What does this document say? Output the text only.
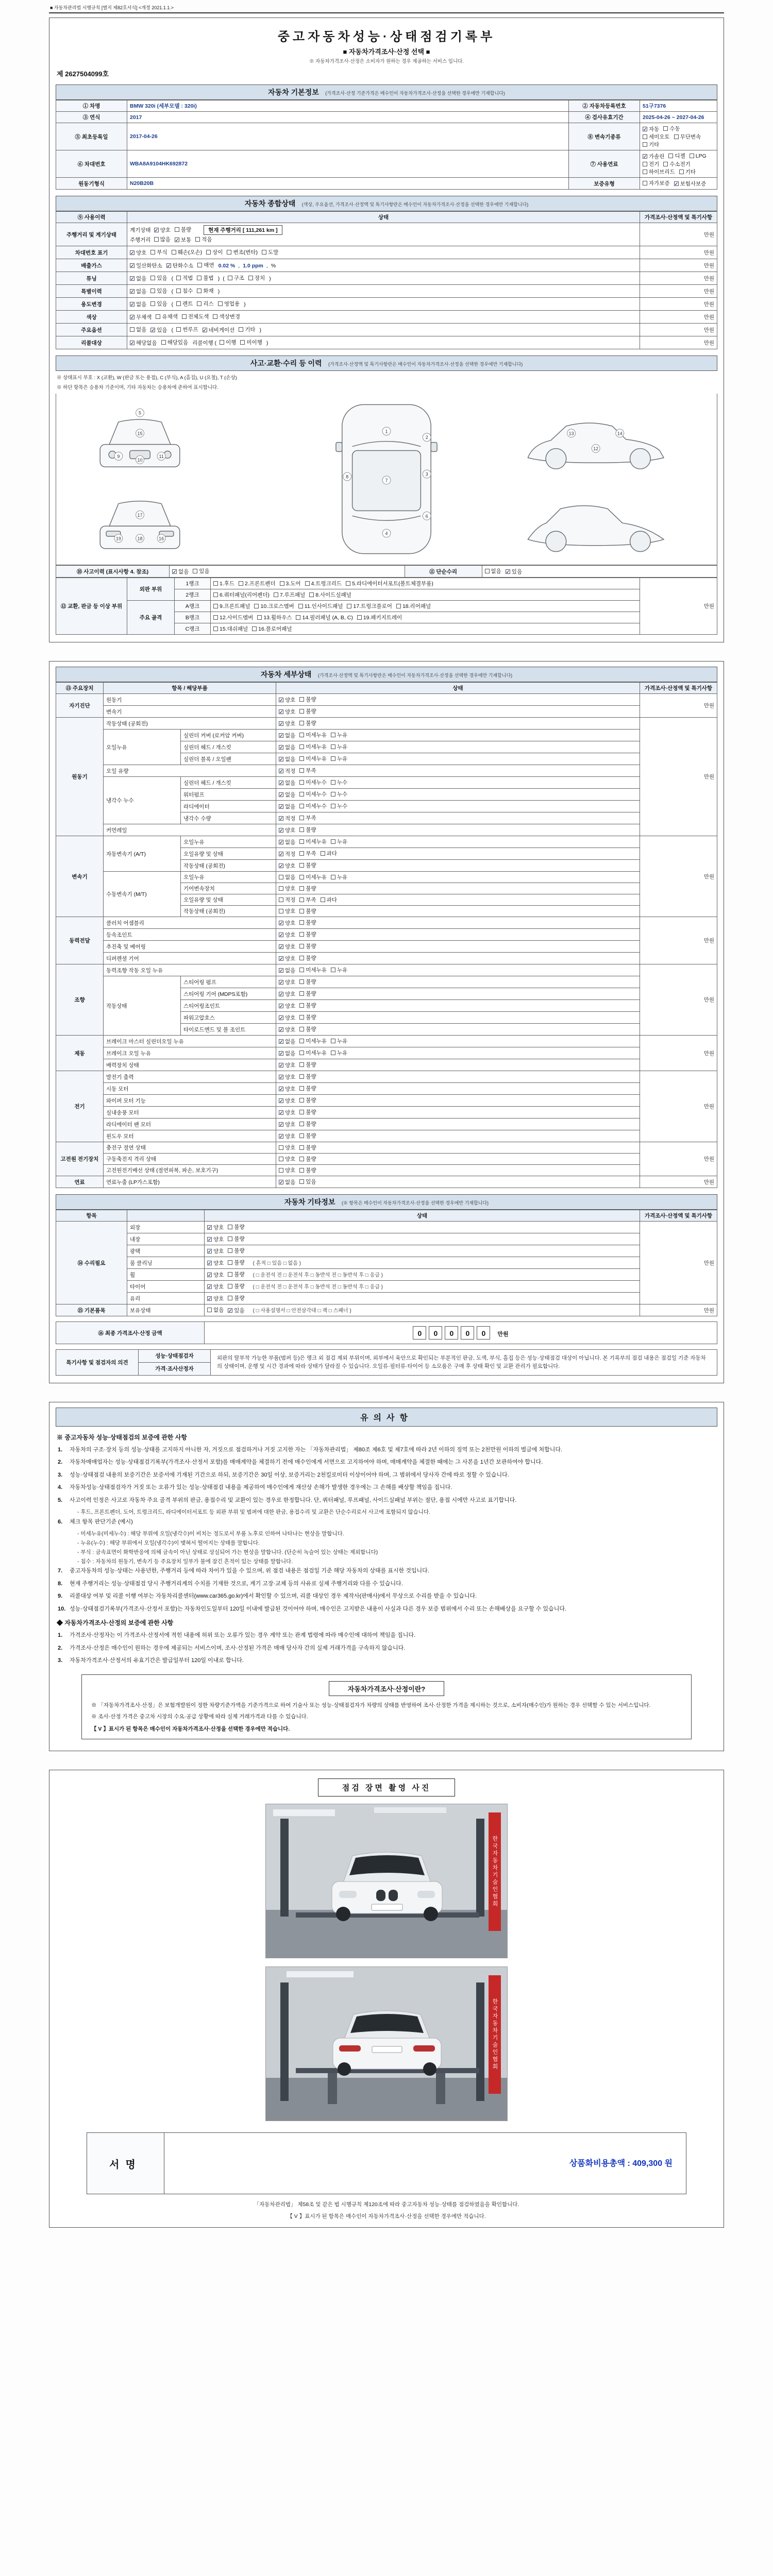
■ 자동차관리법 시행규칙 [별지 제82호서식] <개정 2021.1.1.>
중고자동차성능·상태점검기록부
■ 자동차가격조사·산정 선택 ■
※ 자동차가격조사·산정은 소비자가 원하는 경우 제공하는 서비스 입니다.
제 2627504099호
자동차 기본정보 (가격조사·산정 기준가격은 매수인이 자동차가격조사·산정을 선택한 경우에만 기재합니다)
① 차명	BMW 320i (세부모델 : 320i)	② 자동차등록번호	51구7376
③ 연식	2017	④ 검사유효기간	2025-04-26 ~ 2027-04-26
⑤ 최초등록일	2017-04-26	⑧ 변속기종류	
✓ 자동 수동
세미오토 무단변속
기타

⑥ 차대번호	WBA8A9104HK692872	⑦ 사용연료	
✓ 가솔린 디젤 LPG
전기 수소전기
하이브리드 기타

원동기형식	N20B20B	보증유형	자가보증 ✓ 보험사보증
자동차 종합상태 (색상, 주요옵션, 가격조사·산정액 및 특기사항란은 매수인이 자동차가격조사·산정을 선택한 경우에만 기재합니다)
⑨ 사용이력	상태	가격조사·산정액 및 특기사항
주행거리 및 계기상태	
계기상태 ✓ 양호 불량	현재 주행거리 [ 111,261 km ]
주행거리 많음 ✓ 보통 적음
	만원
차대번호 표기	✓ 양호 부식 훼손(오손) 상이 변조(변타) 도말	만원
배출가스	✓ 일산화탄소 ✓ 탄화수소 매연 0.02 % , 1.0 ppm , %	만원
튜닝	✓ 없음 있음 ( 적법 불법 ) ( 구조 장치 )	만원
특별이력	✓ 없음 있음 ( 침수 화재 )	만원
용도변경	✓ 없음 있음 ( 렌트 리스 영업용 )	만원
색상	✓ 무채색 유채색 전체도색 색상변경	만원
주요옵션	없음 ✓ 있음 ( 썬루프 ✓ 네비게이션 기타 )	만원
리콜대상	✓ 해당없음 해당있음 리콜이행 ( 이행 미이행 )	만원
사고·교환·수리 등 이력 (가격조사·산정액 및 특기사항란은 매수인이 자동차가격조사·산정을 선택한 경우에만 기재합니다)
※ 상태표시 부호 : X (교환), W (판금 또는 용접), C (부식), A (흠집), U (요철), T (손상)
※ 하단 항목은 승용차 기준이며, 기타 자동차는 승용차에 준하여 표시합니다.
1
7
4
2
3
6
8
5
9
10
11
15
17
18
19	16
12
13	14
⑩ 사고이력 (표시사항 4. 참조)	✓ 없음 있음	⑪ 단순수리	없음 ✓ 있음
⑫ 교환, 판금 등 이상 부위	외판 부위	1랭크	1.후드 2.프론트펜더 3.도어 4.트렁크리드 5.라디에이터서포트(볼트체결부품)	만원
		2랭크	6.쿼터패널(리어펜더) 7.루프패널 8.사이드실패널	

	주요 골격	A랭크	9.프론트패널 10.크로스멤버 11.인사이드패널 17.트렁크플로어 18.리어패널	

		B랭크	12.사이드멤버 13.휠하우스 14.필러패널 (A, B, C) 19.패키지트레이	

		C랭크	15.대쉬패널 16.플로어패널	
자동차 세부상태 (가격조사·산정액 및 특기사항란은 매수인이 자동차가격조사·산정을 선택한 경우에만 기재합니다)
⑬ 주요장치	항목 / 해당부품		상태	가격조사·산정액 및 특기사항
자기진단	원동기		✓ 양호 불량	만원
	변속기		✓ 양호 불량	

원동기	작동상태 (공회전)		✓ 양호 불량	만원
	오일누유	실린더 커버 (로커암 커버)	✓ 없음 미세누유 누유	

		실린더 헤드 / 개스킷	✓ 없음 미세누유 누유	

		실린더 블록 / 오일팬	✓ 없음 미세누유 누유	

	오일 유량		✓ 적정 부족	

	냉각수 누수	실린더 헤드 / 개스킷	✓ 없음 미세누수 누수	

		워터펌프	✓ 없음 미세누수 누수	

		라디에이터	✓ 없음 미세누수 누수	

		냉각수 수량	✓ 적정 부족	

	커먼레일		✓ 양호 불량	

변속기	자동변속기 (A/T)	오일누유	✓ 없음 미세누유 누유	만원
		오일유량 및 상태	✓ 적정 부족 과다	

		작동상태 (공회전)	✓ 양호 불량	

	수동변속기 (M/T)	오일누유	없음 미세누유 누유	

		기어변속장치	양호 불량	

		오일유량 및 상태	적정 부족 과다	

		작동상태 (공회전)	양호 불량	

동력전달	클러치 어셈블리		✓ 양호 불량	만원
	등속조인트		✓ 양호 불량	

	추진축 및 베어링		✓ 양호 불량	

	디퍼렌셜 기어		✓ 양호 불량	

조향	동력조향 작동 오일 누유		✓ 없음 미세누유 누유	만원
	작동상태	스티어링 펌프	✓ 양호 불량	

		스티어링 기어 (MDPS포함)	✓ 양호 불량	

		스티어링조인트	✓ 양호 불량	

		파워고압호스	✓ 양호 불량	

		타이로드엔드 및 볼 조인트	✓ 양호 불량	

제동	브레이크 마스터 실린더오일 누유		✓ 없음 미세누유 누유	만원
	브레이크 오일 누유		✓ 없음 미세누유 누유	

	배력장치 상태		✓ 양호 불량	

전기	발전기 출력		✓ 양호 불량	만원
	시동 모터		✓ 양호 불량	

	와이퍼 모터 기능		✓ 양호 불량	

	실내송풍 모터		✓ 양호 불량	

	라디에이터 팬 모터		✓ 양호 불량	

	윈도우 모터		✓ 양호 불량	

고전원 전기장치	충전구 절연 상태		양호 불량	만원
	구동축전지 격리 상태		양호 불량	

	고전원전기배선 상태 (절연피복, 파손, 보호기구)		양호 불량	

연료	연료누출 (LP가스포함)		✓ 없음 있음	만원
자동차 기타정보 (※ 항목은 매수인이 자동차가격조사·산정을 선택한 경우에만 기재합니다)
항목		상태	가격조사·산정액 및 특기사항
⑭ 수리필요	외장	✓ 양호 불량	만원
	내장	✓ 양호 불량	

	광택	✓ 양호 불량	

	룸 클리닝	✓ 양호 불량 ( 흔적 □ 있음 □ 없음 )	
	휠	✓ 양호 불량 ( □ 운전석 전 □ 운전석 후 □ 동반석 전 □ 동반석 후 □ 응급 )	
	타이어	✓ 양호 불량 ( □ 운전석 전 □ 운전석 후 □ 동반석 전 □ 동반석 후 □ 응급 )	
	유리	✓ 양호 불량	

⑮ 기본품목	보유상태	없음 ✓ 있음 ( □ 사용설명서 □ 안전삼각대 □ 잭 □ 스패너 )	만원
⑯ 최종 가격조사·산정 금액	0 0 0 0 0 만원
특기사항 및 점검자의 의견	성능·상태점검자	외판의 탈부착 가능한 부품(범퍼 등)은 랭크 외 점검 제외 부위이며, 외부에서 육안으로 확인되는 부분적인 판금, 도색, 부식, 흠집 등은 성능·상태점검 대상이 아닙니다. 본 기록부의 점검 내용은 점검일 기준 자동차의 상태이며, 운행 및 시간 경과에 따라 상태가 달라질 수 있습니다. 오일류·필터류·타이어 등 소모품은 구매 후 상태 확인 및 교환 관리가 필요합니다.
가격·조사산정자
유의사항
※ 중고자동차 성능·상태점검의 보증에 관한 사항
1.	자동차의 구조·장치 등의 성능·상태를 고지하지 아니한 자, 거짓으로 점검하거나 거짓 고지한 자는 「자동차관리법」 제80조 제6호 및 제7호에 따라 2년 이하의 징역 또는 2천만원 이하의 벌금에 처합니다.
2.	자동차매매업자는 성능·상태점검기록부(가격조사·산정서 포함)를 매매계약을 체결하기 전에 매수인에게 서면으로 고지하여야 하며, 매매계약을 체결한 때에는 그 사본을 1년간 보관하여야 합니다.
3.	성능·상태점검 내용의 보증기간은 보증서에 기재된 기간으로 하되, 보증기간은 30일 이상, 보증거리는 2천킬로미터 이상이어야 하며, 그 범위에서 당사자 간에 따로 정할 수 있습니다.
4.	자동차성능·상태점검자가 거짓 또는 오류가 있는 성능·상태점검 내용을 제공하여 매수인에게 재산상 손해가 발생한 경우에는 그 손해를 배상할 책임을 집니다.
5.	사고이력 인정은 사고로 자동차 주요 골격 부위의 판금, 용접수리 및 교환이 있는 경우로 한정합니다. 단, 쿼터패널, 루프패널, 사이드실패널 부위는 절단, 용접 시에만 사고로 표기합니다.
- 후드, 프론트펜더, 도어, 트렁크리드, 라디에이터서포트 등 외판 부위 및 범퍼에 대한 판금, 용접수리 및 교환은 단순수리로서 사고에 포함되지 않습니다.
6.	체크 항목 판단기준 (예시)
- 미세누유(미세누수) : 해당 부위에 오일(냉각수)이 비치는 정도로서 부품 노후로 인하여 나타나는 현상을 말합니다.
- 누유(누수) : 해당 부위에서 오일(냉각수)이 맺혀서 떨어지는 상태를 말합니다.
- 부식 : 금속표면이 화학반응에 의해 금속이 아닌 상태로 상실되어 가는 현상을 말합니다. (단순히 녹슬어 있는 상태는 제외합니다)
- 침수 : 자동차의 원동기, 변속기 등 주요장치 일부가 물에 잠긴 흔적이 있는 상태를 말합니다.
7.	중고자동차의 성능·상태는 사용년한, 주행거리 등에 따라 차이가 있을 수 있으며, 위 점검 내용은 점검일 기준 해당 자동차의 상태를 표시한 것입니다.
8.	현재 주행거리는 성능·상태점검 당시 주행거리계의 수치를 기재한 것으로, 계기 고장·교체 등의 사유로 실제 주행거리와 다를 수 있습니다.
9.	리콜대상 여부 및 리콜 이행 여부는 자동차리콜센터(www.car365.go.kr)에서 확인할 수 있으며, 리콜 대상인 경우 제작사(판매사)에서 무상으로 수리를 받을 수 있습니다.
10. 성능·상태점검기록부(가격조사·산정서 포함)는 자동차인도일부터 120일 이내에 발급된 것이어야 하며, 매수인은 고지받은 내용이 사실과 다른 경우 보증 범위에서 수리 또는 손해배상을 요구할 수 있습니다.
◆ 자동차가격조사·산정의 보증에 관한 사항
1.	가격조사·산정자는 이 가격조사·산정서에 적힌 내용에 허위 또는 오류가 있는 경우 계약 또는 관계 법령에 따라 매수인에 대하여 책임을 집니다.
2.	가격조사·산정은 매수인이 원하는 경우에 제공되는 서비스이며, 조사·산정된 가격은 매매 당사자 간의 실제 거래가격을 구속하지 않습니다.
3.	자동차가격조사·산정서의 유효기간은 발급일부터 120일 이내로 합니다.
자동차가격조사·산정이란?
※ 「자동차가격조사·산정」은 보험개발원이 정한 차량기준가액을 기준가격으로 하여 기술사 또는 성능·상태점검자가 차량의 상태를 반영하여 조사·산정한 가격을 제시하는 것으로, 소비자(매수인)가 원하는 경우 선택할 수 있는 서비스입니다.
※ 조사·산정 가격은 중고차 시장의 수요·공급 상황에 따라 실제 거래가격과 다를 수 있습니다.
【 V 】표시가 된 항목은 매수인이 자동차가격조사·산정을 선택한 경우에만 적습니다.
점검 장면 촬영 사진
한국자동차기술인협회
한국자동차기술인협회
서명	상품화비용총액 : 409,300 원
「자동차관리법」 제58조 및 같은 법 시행규칙 제120조에 따라 중고자동차 성능·상태를 점검하였음을 확인합니다.
【 V 】표시가 된 항목은 매수인이 자동차가격조사·산정을 선택한 경우에만 적습니다.
